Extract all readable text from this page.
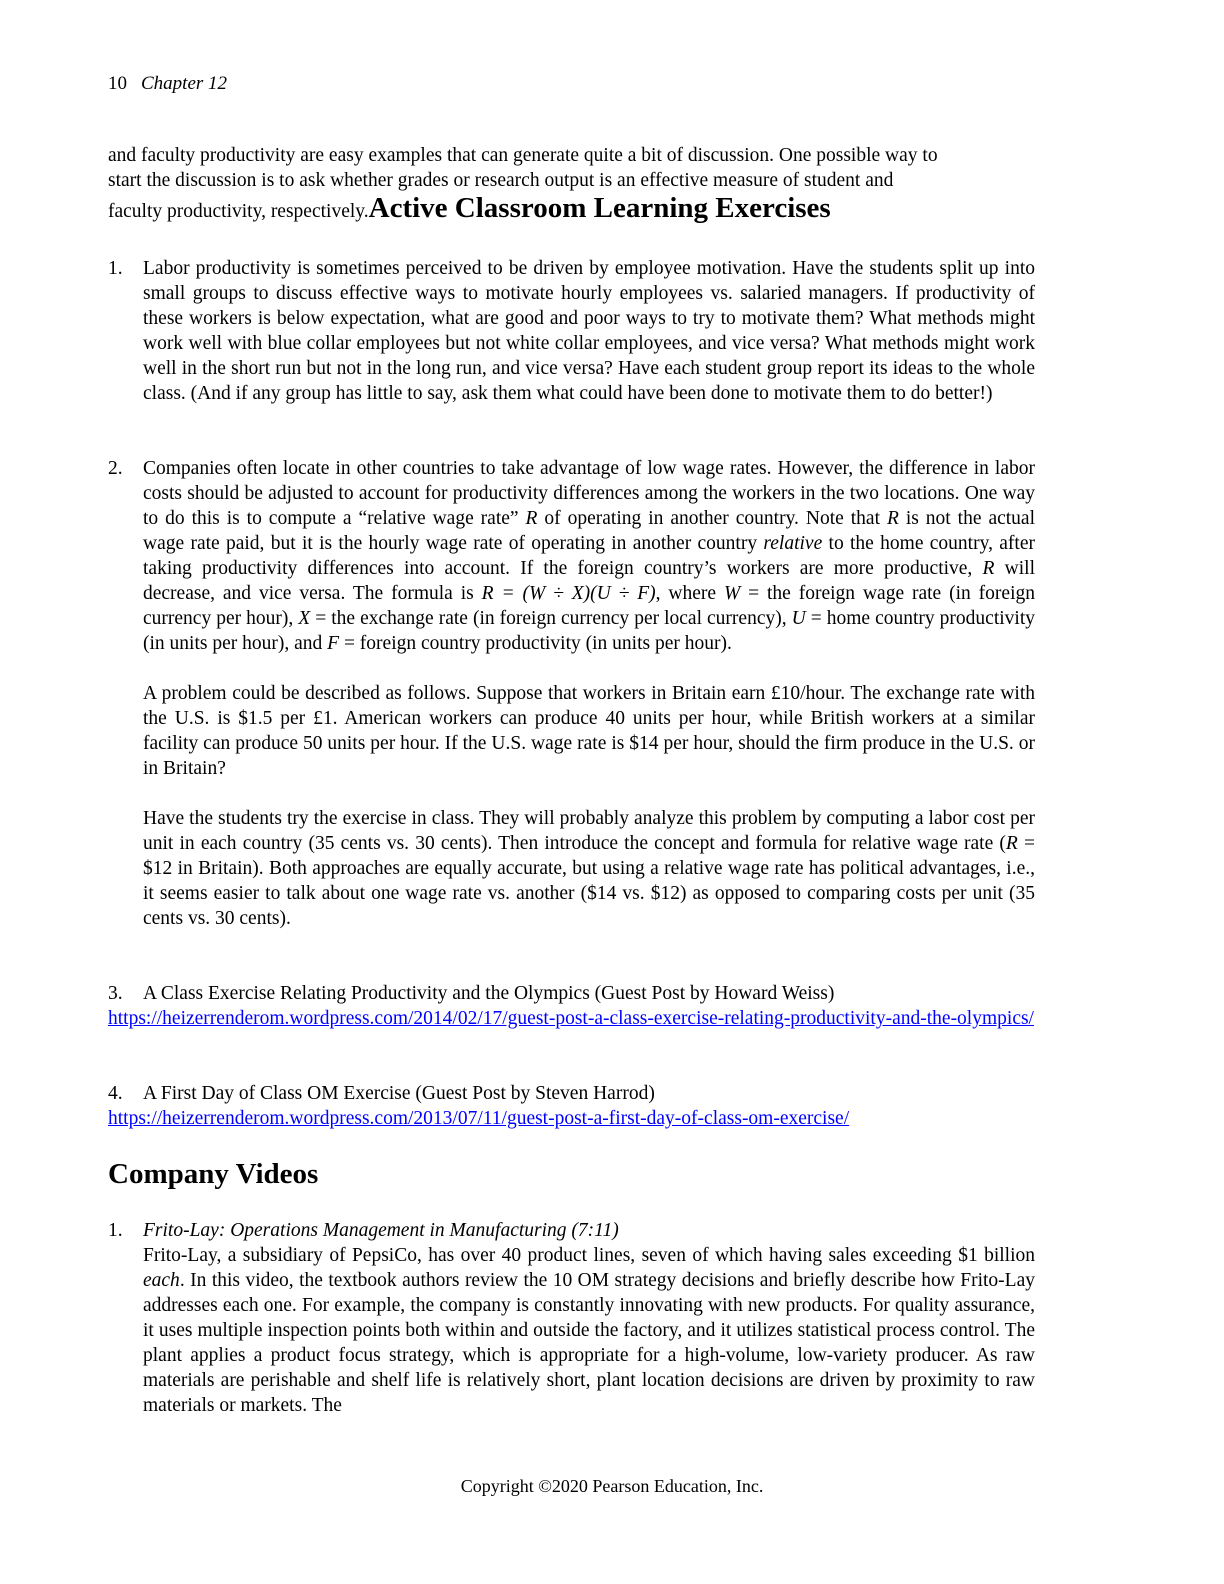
10 Chapter 12
and faculty productivity are easy examples that can generate quite a bit of discussion. One possible way to
start the discussion is to ask whether grades or research output is an effective measure of student and
faculty productivity, respectively.Active Classroom Learning Exercises
1.	Labor productivity is sometimes perceived to be driven by employee motivation. Have the students split up into small groups to discuss effective ways to motivate hourly employees vs. salaried managers. If productivity of these workers is below expectation, what are good and poor ways to try to motivate them? What methods might work well with blue collar employees but not white collar employees, and vice versa? What methods might work well in the short run but not in the long run, and vice versa? Have each student group report its ideas to the whole class. (And if any group has little to say, ask them what could have been done to motivate them to do better!)
2.	Companies often locate in other countries to take advantage of low wage rates. However, the difference in labor costs should be adjusted to account for productivity differences among the workers in the two locations. One way to do this is to compute a “relative wage rate” R of operating in another country. Note that R is not the actual wage rate paid, but it is the hourly wage rate of operating in another country relative to the home country, after taking productivity differences into account. If the foreign country’s workers are more productive, R will decrease, and vice versa. The formula is R = (W ÷ X)(U ÷ F), where W = the foreign wage rate (in foreign currency per hour), X = the exchange rate (in foreign currency per local currency), U = home country productivity (in units per hour), and F = foreign country productivity (in units per hour).
A problem could be described as follows. Suppose that workers in Britain earn £10/hour. The exchange rate with the U.S. is $1.5 per £1. American workers can produce 40 units per hour, while British workers at a similar facility can produce 50 units per hour. If the U.S. wage rate is $14 per hour, should the firm produce in the U.S. or in Britain?
Have the students try the exercise in class. They will probably analyze this problem by computing a labor cost per unit in each country (35 cents vs. 30 cents). Then introduce the concept and formula for relative wage rate (R = $12 in Britain). Both approaches are equally accurate, but using a relative wage rate has political advantages, i.e., it seems easier to talk about one wage rate vs. another ($14 vs. $12) as opposed to comparing costs per unit (35 cents vs. 30 cents).
3.	A Class Exercise Relating Productivity and the Olympics (Guest Post by Howard Weiss)
https://heizerrenderom.wordpress.com/2014/02/17/guest-post-a-class-exercise-relating-productivity-and-the-olympics/
4.	A First Day of Class OM Exercise (Guest Post by Steven Harrod)
https://heizerrenderom.wordpress.com/2013/07/11/guest-post-a-first-day-of-class-om-exercise/
Company Videos
1.	Frito-Lay: Operations Management in Manufacturing (7:11)
Frito-Lay, a subsidiary of PepsiCo, has over 40 product lines, seven of which having sales exceeding $1 billion each. In this video, the textbook authors review the 10 OM strategy decisions and briefly describe how Frito-Lay addresses each one. For example, the company is constantly innovating with new products. For quality assurance, it uses multiple inspection points both within and outside the factory, and it utilizes statistical process control. The plant applies a product focus strategy, which is appropriate for a high-volume, low-variety producer. As raw materials are perishable and shelf life is relatively short, plant location decisions are driven by proximity to raw materials or markets. The
Copyright ©2020 Pearson Education, Inc.
